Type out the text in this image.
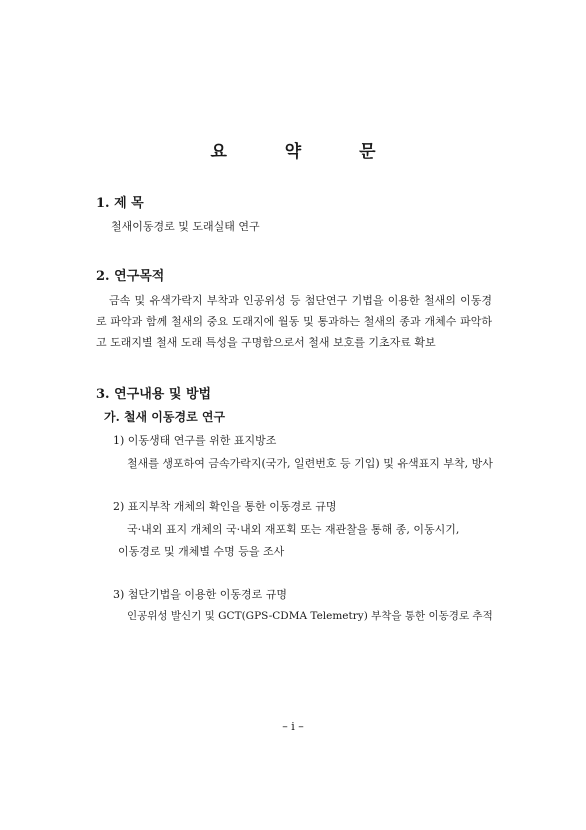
요 약 문
1. 제 목
철새이동경로 및 도래실태 연구
2. 연구목적
금속 및 유색가락지 부착과 인공위성 등 첨단연구 기법을 이용한 철새의 이동경로 파악과 함께 철새의 중요 도래지에 월동 및 통과하는 철새의 종과 개체수 파악하고 도래지별 철새 도래 특성을 구명함으로서 철새 보호를 기초자료 확보
3. 연구내용 및 방법
가. 철새 이동경로 연구
1) 이동생태 연구를 위한 표지방조
철새를 생포하여 금속가락지(국가, 일련번호 등 기입) 및 유색표지 부착, 방사
2) 표지부착 개체의 확인을 통한 이동경로 규명
국·내외 표지 개체의 국·내외 재포획 또는 재관찰을 통해 종, 이동시기,
이동경로 및 개체별 수명 등을 조사
3) 첨단기법을 이용한 이동경로 규명
인공위성 발신기 및 GCT(GPS-CDMA Telemetry) 부착을 통한 이동경로 추적
– i –
